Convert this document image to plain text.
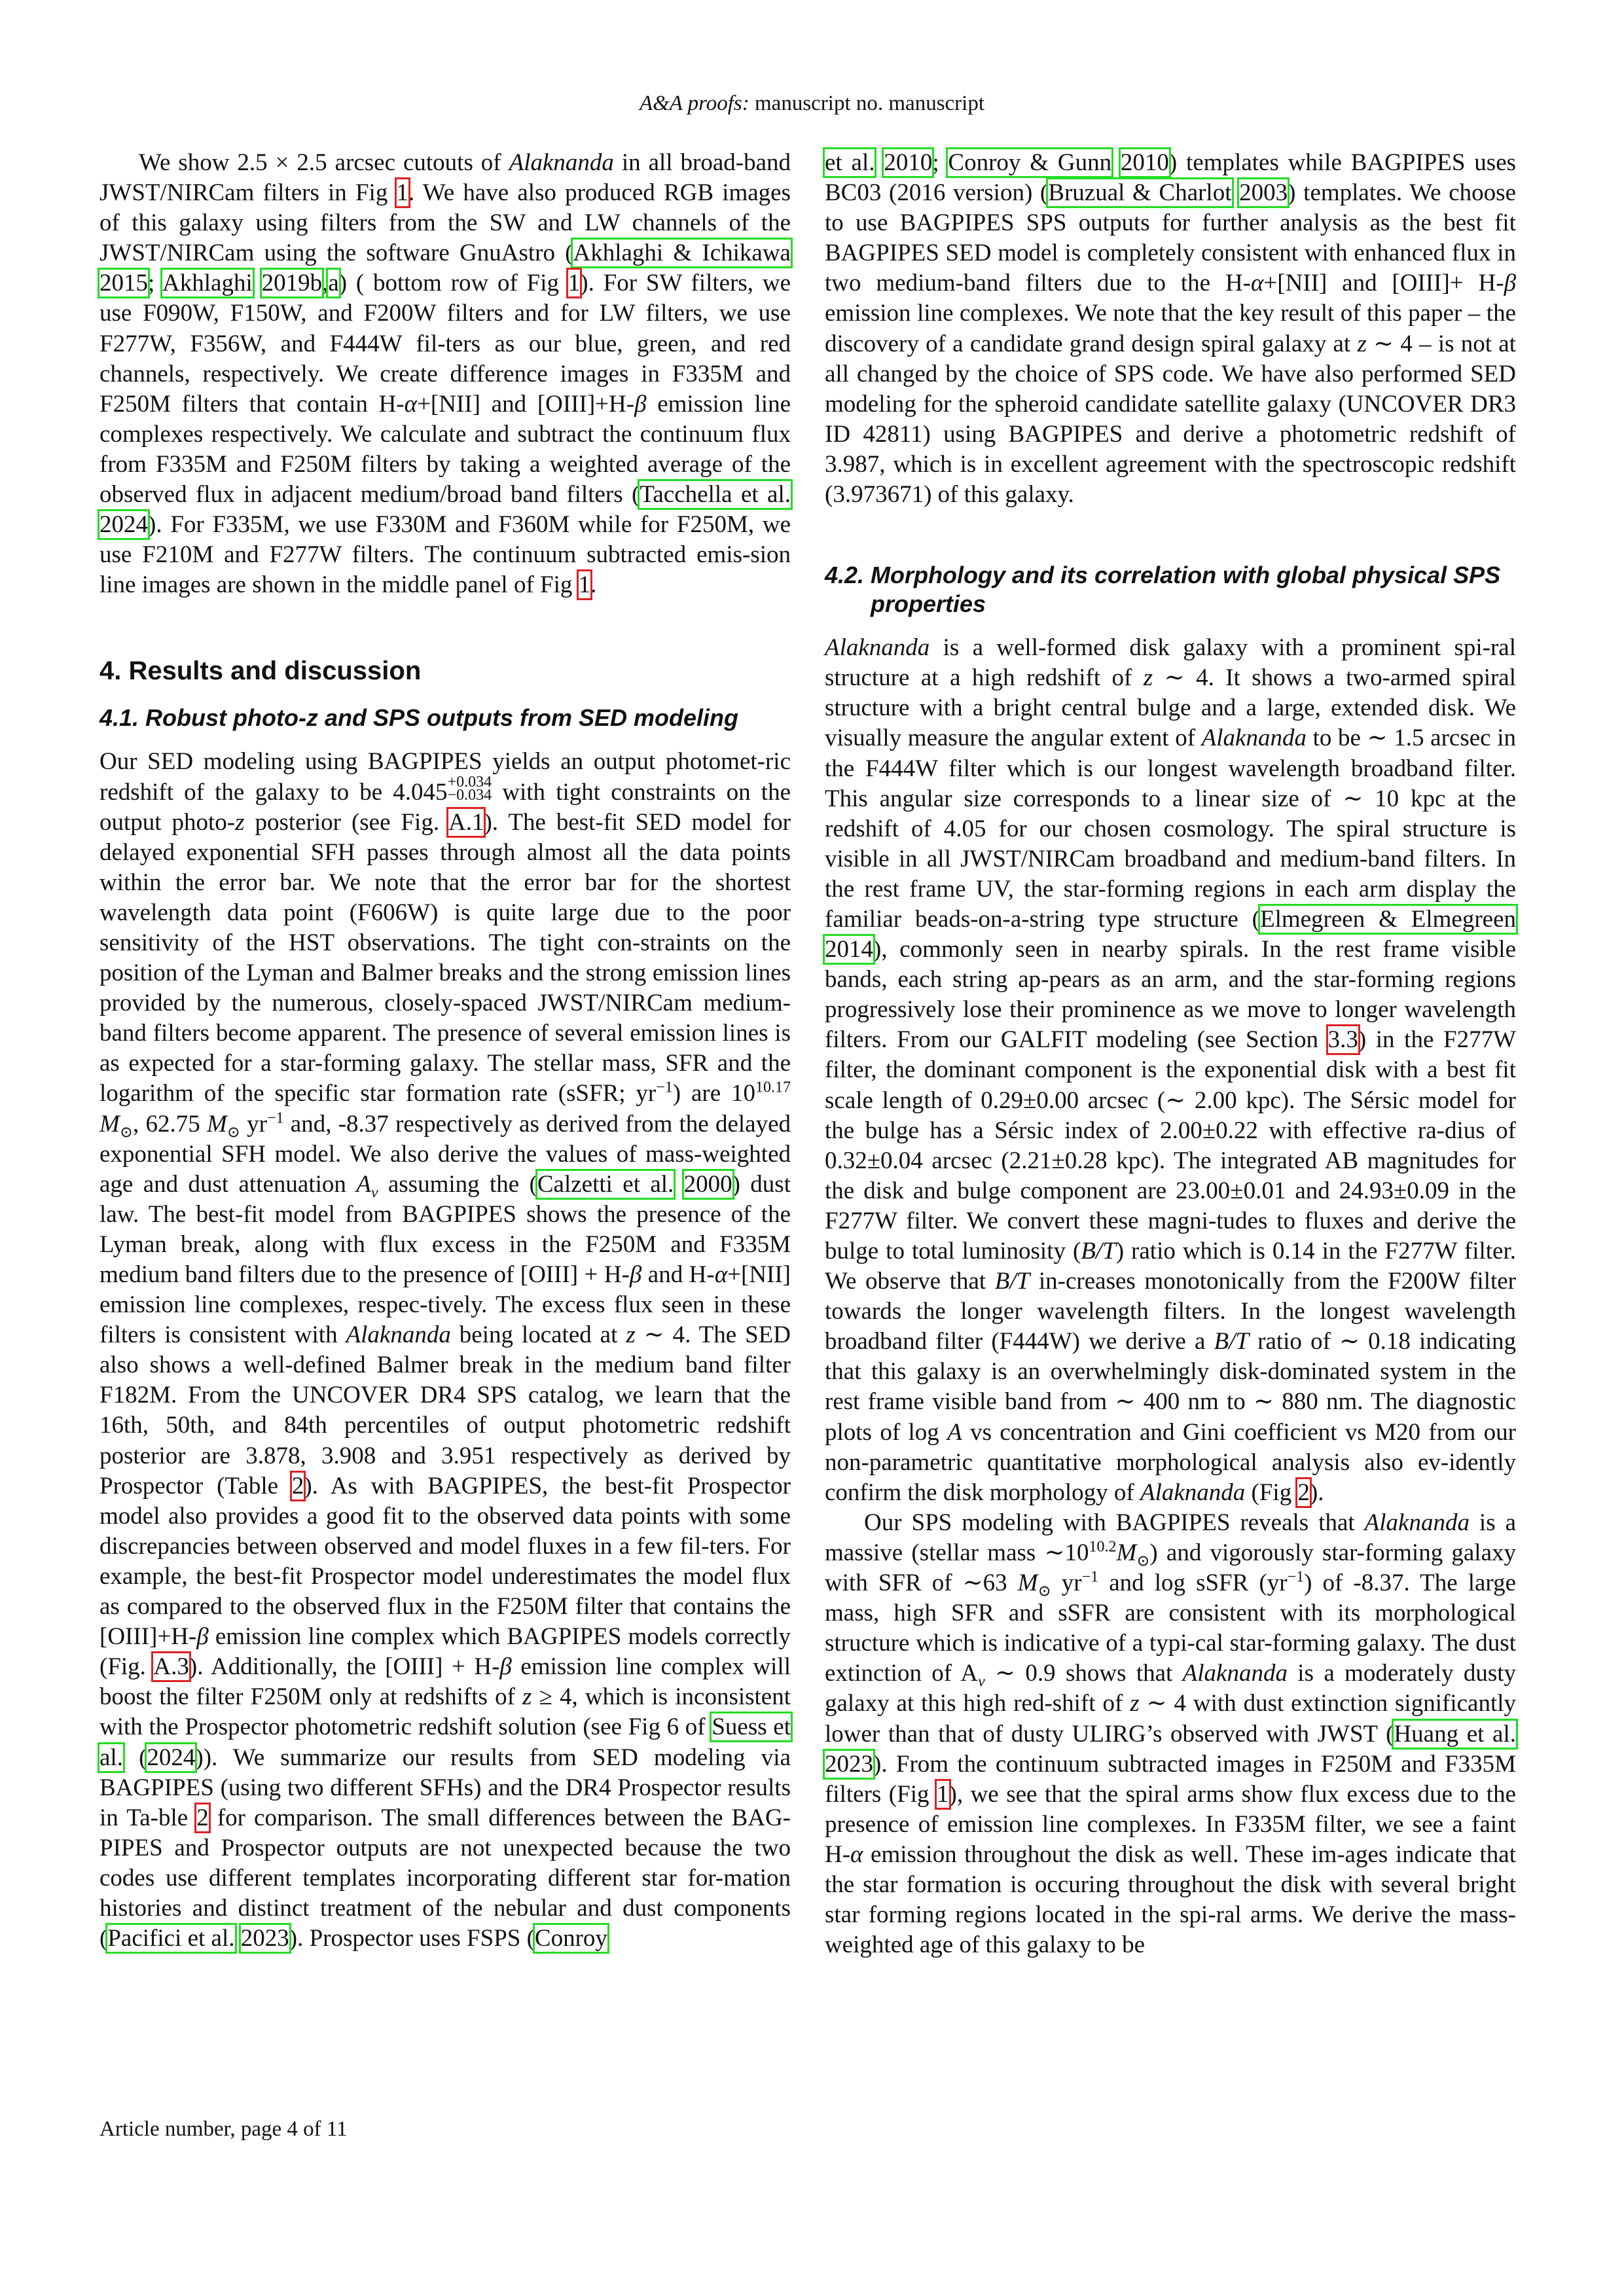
A&A proofs: manuscript no. manuscript

We show 2.5 × 2.5 arcsec cutouts of Alaknanda in all broad-band JWST/NIRCam filters in Fig 1. We have also produced RGB images of this galaxy using filters from the SW and LW channels of the JWST/NIRCam using the software GnuAstro (Akhlaghi & Ichikawa 2015; Akhlaghi 2019b,a) ( bottom row of Fig 1). For SW filters, we use F090W, F150W, and F200W filters and for LW filters, we use F277W, F356W, and F444W fil-ters as our blue, green, and red channels, respectively. We create difference images in F335M and F250M filters that contain H-α+[NII] and [OIII]+H-β emission line complexes respectively. We calculate and subtract the continuum flux from F335M and F250M filters by taking a weighted average of the observed flux in adjacent medium/broad band filters (Tacchella et al. 2024). For F335M, we use F330M and F360M while for F250M, we use F210M and F277W filters. The continuum subtracted emis-sion line images are shown in the middle panel of Fig 1.

4. Results and discussion
4.1. Robust photo-z and SPS outputs from SED modeling

Our SED modeling using BAGPIPES yields an output photomet-ric redshift of the galaxy to be 4.045 +0.034
−0.034 with tight constraints on the output photo-z posterior (see Fig. A.1). The best-fit SED model for delayed exponential SFH passes through almost all the data points within the error bar. We note that the error bar for the shortest wavelength data point (F606W) is quite large due to the poor sensitivity of the HST observations. The tight con-straints on the position of the Lyman and Balmer breaks and the strong emission lines provided by the numerous, closely-spaced JWST/NIRCam medium-band filters become apparent. The presence of several emission lines is as expected for a star-forming galaxy. The stellar mass, SFR and the logarithm of the specific star formation rate (sSFR; $yr^{-1}$) are $10^{10.17}$ $M_⊙$, 62.75 $M_⊙$ $yr^{-1}$ and, -8.37 respectively as derived from the delayed exponential SFH model. We also derive the values of mass-weighted age and dust attenuation $A_v$ assuming the (Calzetti et al. 2000) dust law. The best-fit model from BAGPIPES shows the presence of the Lyman break, along with flux excess in the F250M and F335M medium band filters due to the presence of [OIII] + H-β and H-α+[NII] emission line complexes, respec-tively. The excess flux seen in these filters is consistent with Alaknanda being located at z ∼ 4. The SED also shows a well-defined Balmer break in the medium band filter F182M. From the UNCOVER DR4 SPS catalog, we learn that the 16th, 50th, and 84th percentiles of output photometric redshift posterior are 3.878, 3.908 and 3.951 respectively as derived by Prospector (Table 2). As with BAGPIPES, the best-fit Prospector model also provides a good fit to the observed data points with some discrepancies between observed and model fluxes in a few fil-ters. For example, the best-fit Prospector model underestimates the model flux as compared to the observed flux in the F250M filter that contains the [OIII]+H-β emission line complex which BAGPIPES models correctly (Fig. A.3). Additionally, the [OIII] + H-β emission line complex will boost the filter F250M only at redshifts of z ≥ 4, which is inconsistent with the Prospector photometric redshift solution (see Fig 6 of Suess et al. (2024)). We summarize our results from SED modeling via BAGPIPES (using two different SFHs) and the DR4 Prospector results in Ta-ble 2 for comparison. The small differences between the BAG-PIPES and Prospector outputs are not unexpected because the two codes use different templates incorporating different star for-mation histories and distinct treatment of the nebular and dust components (Pacifici et al. 2023). Prospector uses FSPS (Conroy

et al. 2010; Conroy & Gunn 2010) templates while BAGPIPES uses BC03 (2016 version) (Bruzual & Charlot 2003) templates. We choose to use BAGPIPES SPS outputs for further analysis as the best fit BAGPIPES SED model is completely consistent with enhanced flux in two medium-band filters due to the H-α+[NII] and [OIII]+ H-β emission line complexes. We note that the key result of this paper – the discovery of a candidate grand design spiral galaxy at z ∼ 4 – is not at all changed by the choice of SPS code. We have also performed SED modeling for the spheroid candidate satellite galaxy (UNCOVER DR3 ID 42811) using BAGPIPES and derive a photometric redshift of 3.987, which is in excellent agreement with the spectroscopic redshift (3.973671) of this galaxy.

4.2. Morphology and its correlation with global physical SPS properties

Alaknanda is a well-formed disk galaxy with a prominent spi-ral structure at a high redshift of z ∼ 4. It shows a two-armed spiral structure with a bright central bulge and a large, extended disk. We visually measure the angular extent of Alaknanda to be ∼ 1.5 arcsec in the F444W filter which is our longest wavelength broadband filter. This angular size corresponds to a linear size of ∼ 10 kpc at the redshift of 4.05 for our chosen cosmology. The spiral structure is visible in all JWST/NIRCam broadband and medium-band filters. In the rest frame UV, the star-forming regions in each arm display the familiar beads-on-a-string type structure (Elmegreen & Elmegreen 2014), commonly seen in nearby spirals. In the rest frame visible bands, each string ap-pears as an arm, and the star-forming regions progressively lose their prominence as we move to longer wavelength filters. From our GALFIT modeling (see Section 3.3) in the F277W filter, the dominant component is the exponential disk with a best fit scale length of 0.29±0.00 arcsec (∼ 2.00 kpc). The Sérsic model for the bulge has a Sérsic index of 2.00±0.22 with effective ra-dius of 0.32±0.04 arcsec (2.21±0.28 kpc). The integrated AB magnitudes for the disk and bulge component are 23.00±0.01 and 24.93±0.09 in the F277W filter. We convert these magni-tudes to fluxes and derive the bulge to total luminosity (B/T) ratio which is 0.14 in the F277W filter. We observe that B/T in-creases monotonically from the F200W filter towards the longer wavelength filters. In the longest wavelength broadband filter (F444W) we derive a B/T ratio of ∼ 0.18 indicating that this galaxy is an overwhelmingly disk-dominated system in the rest frame visible band from ∼ 400 nm to ∼ 880 nm. The diagnostic plots of log A vs concentration and Gini coefficient vs M20 from our non-parametric quantitative morphological analysis also ev-idently confirm the disk morphology of Alaknanda (Fig 2).

Our SPS modeling with BAGPIPES reveals that Alaknanda is a massive (stellar mass $\sim 10^{10.2}M_⊙$) and vigorously star-forming galaxy with SFR of ∼63 $M_⊙$ $yr^{-1}$ and log sSFR $(yr^{-1})$ of -8.37. The large mass, high SFR and sSFR are consistent with its morphological structure which is indicative of a typi-cal star-forming galaxy. The dust extinction of $A_v$ ∼ 0.9 shows that Alaknanda is a moderately dusty galaxy at this high red-shift of z ∼ 4 with dust extinction significantly lower than that of dusty ULIRG’s observed with JWST (Huang et al. 2023). From the continuum subtracted images in F250M and F335M filters (Fig 1), we see that the spiral arms show flux excess due to the presence of emission line complexes. In F335M filter, we see a faint H-α emission throughout the disk as well. These im-ages indicate that the star formation is occuring throughout the disk with several bright star forming regions located in the spi-ral arms. We derive the mass-weighted age of this galaxy to be

Article number, page 4 of 11
